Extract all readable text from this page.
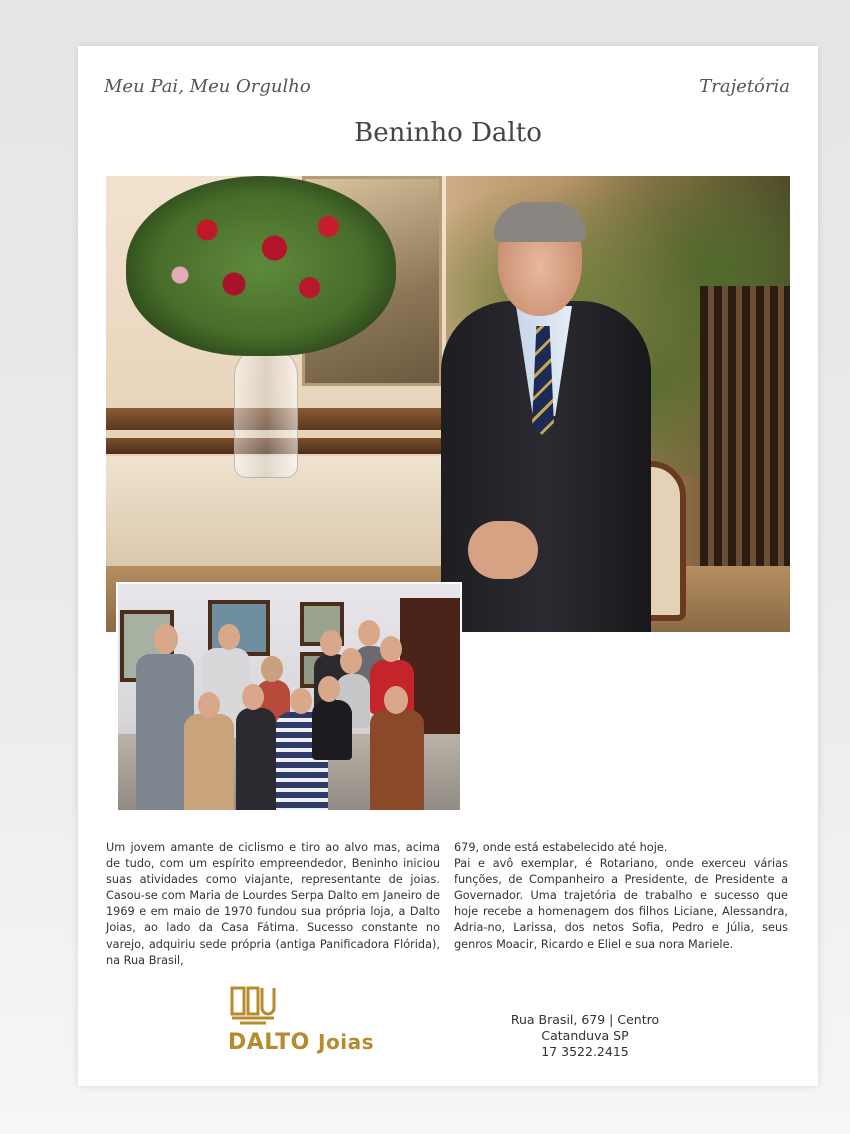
Meu Pai, Meu Orgulho	Trajetória
Beninho Dalto

Um jovem amante de ciclismo e tiro ao alvo mas, acima de tudo, com um espírito empreendedor, Beninho iniciou suas atividades como viajante, representante de joias. Casou-se com Maria de Lourdes Serpa Dalto em Janeiro de 1969 e em maio de 1970 fundou sua própria loja, a Dalto Joias, ao lado da Casa Fátima. Sucesso constante no varejo, adquiriu sede própria (antiga Panificadora Flórida), na Rua Brasil,

679, onde está estabelecido até hoje.

Pai e avô exemplar, é Rotariano, onde exerceu várias funções, de Companheiro a Presidente, de Presidente a Governador. Uma trajetória de trabalho e sucesso que hoje recebe a homenagem dos filhos Liciane, Alessandra, Adria-no, Larissa, dos netos Sofia, Pedro e Júlia, seus genros Moacir, Ricardo e Eliel e sua nora Mariele.

DALTO Joias
Rua Brasil, 679 | Centro
Catanduva SP
17 3522.2415
